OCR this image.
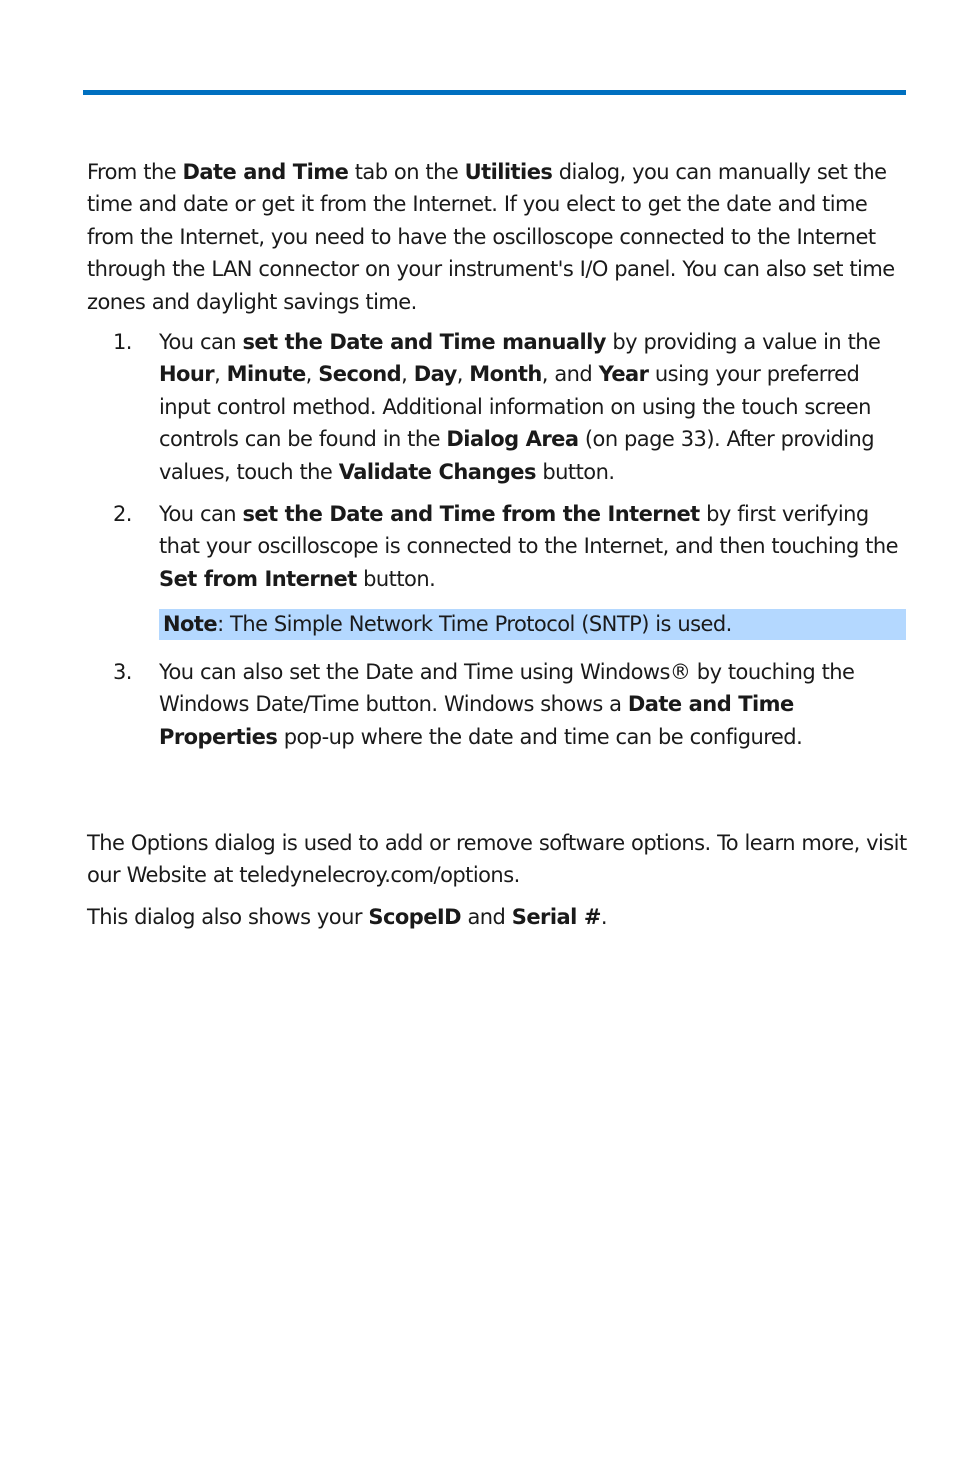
From the Date and Time tab on the Utilities dialog, you can manually set the time and date or get it from the Internet. If you elect to get the date and time from the Internet, you need to have the oscilloscope connected to the Internet through the LAN connector on your instrument's I/O panel. You can also set time zones and daylight savings time.

1. You can set the Date and Time manually by providing a value in the Hour, Minute, Second, Day, Month, and Year using your preferred input control method. Additional information on using the touch screen controls can be found in the Dialog Area (on page 33). After providing values, touch the Validate Changes button.
2. You can set the Date and Time from the Internet by first verifying that your oscilloscope is connected to the Internet, and then touching the Set from Internet button.
Note: The Simple Network Time Protocol (SNTP) is used.
3. You can also set the Date and Time using Windows® by touching the Windows Date/Time button. Windows shows a Date and Time Properties pop-up where the date and time can be configured.

The Options dialog is used to add or remove software options. To learn more, visit our Website at teledynelecroy.com/options.

This dialog also shows your ScopeID and Serial #.
